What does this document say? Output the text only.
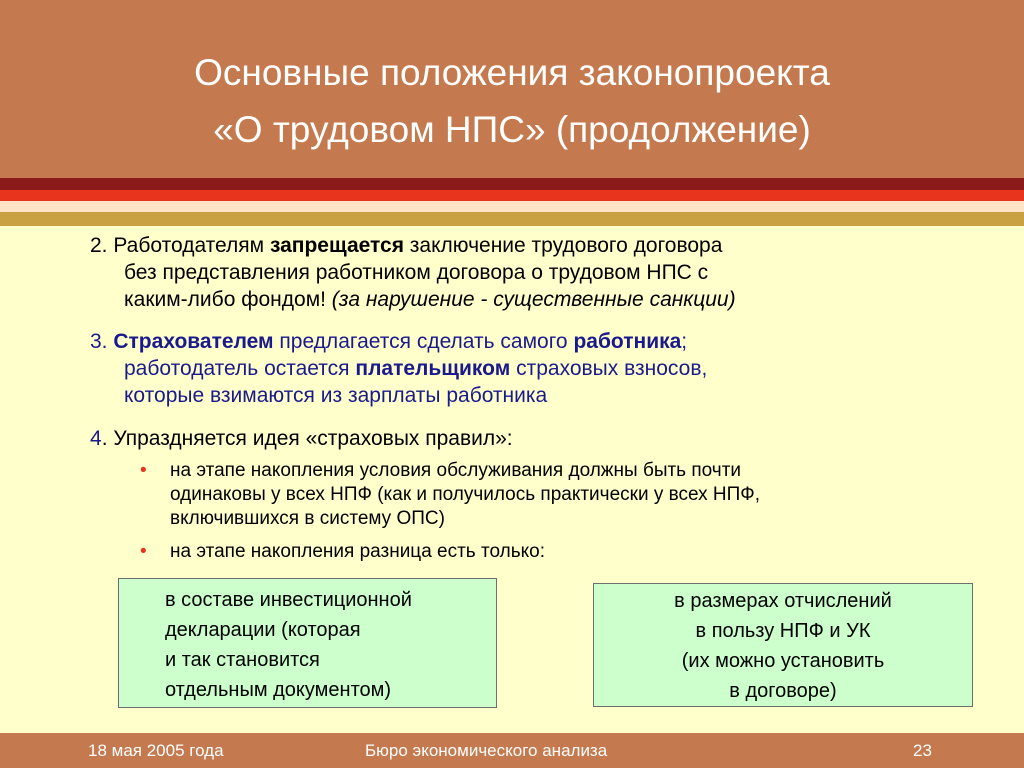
Основные положения законопроекта
«О трудовом НПС» (продолжение)
2. Работодателям запрещается заключение трудового договора
без представления работником договора о трудовом НПС с
каким-либо фондом! (за нарушение - существенные санкции)
3. Страхователем предлагается сделать самого работника;
работодатель остается плательщиком страховых взносов,
которые взимаются из зарплаты работника
4. Упраздняется идея «страховых правил»:
•	на этапе накопления условия обслуживания должны быть почти
одинаковы у всех НПФ (как и получилось практически у всех НПФ,
включившихся в систему ОПС)
•	на этапе накопления разница есть только:
в составе инвестиционной
декларации (которая
и так становится
отдельным документом)
в размерах отчислений
в пользу НПФ и УК
(их можно установить
в договоре)
18 мая 2005 года	Бюро экономического анализа	23
